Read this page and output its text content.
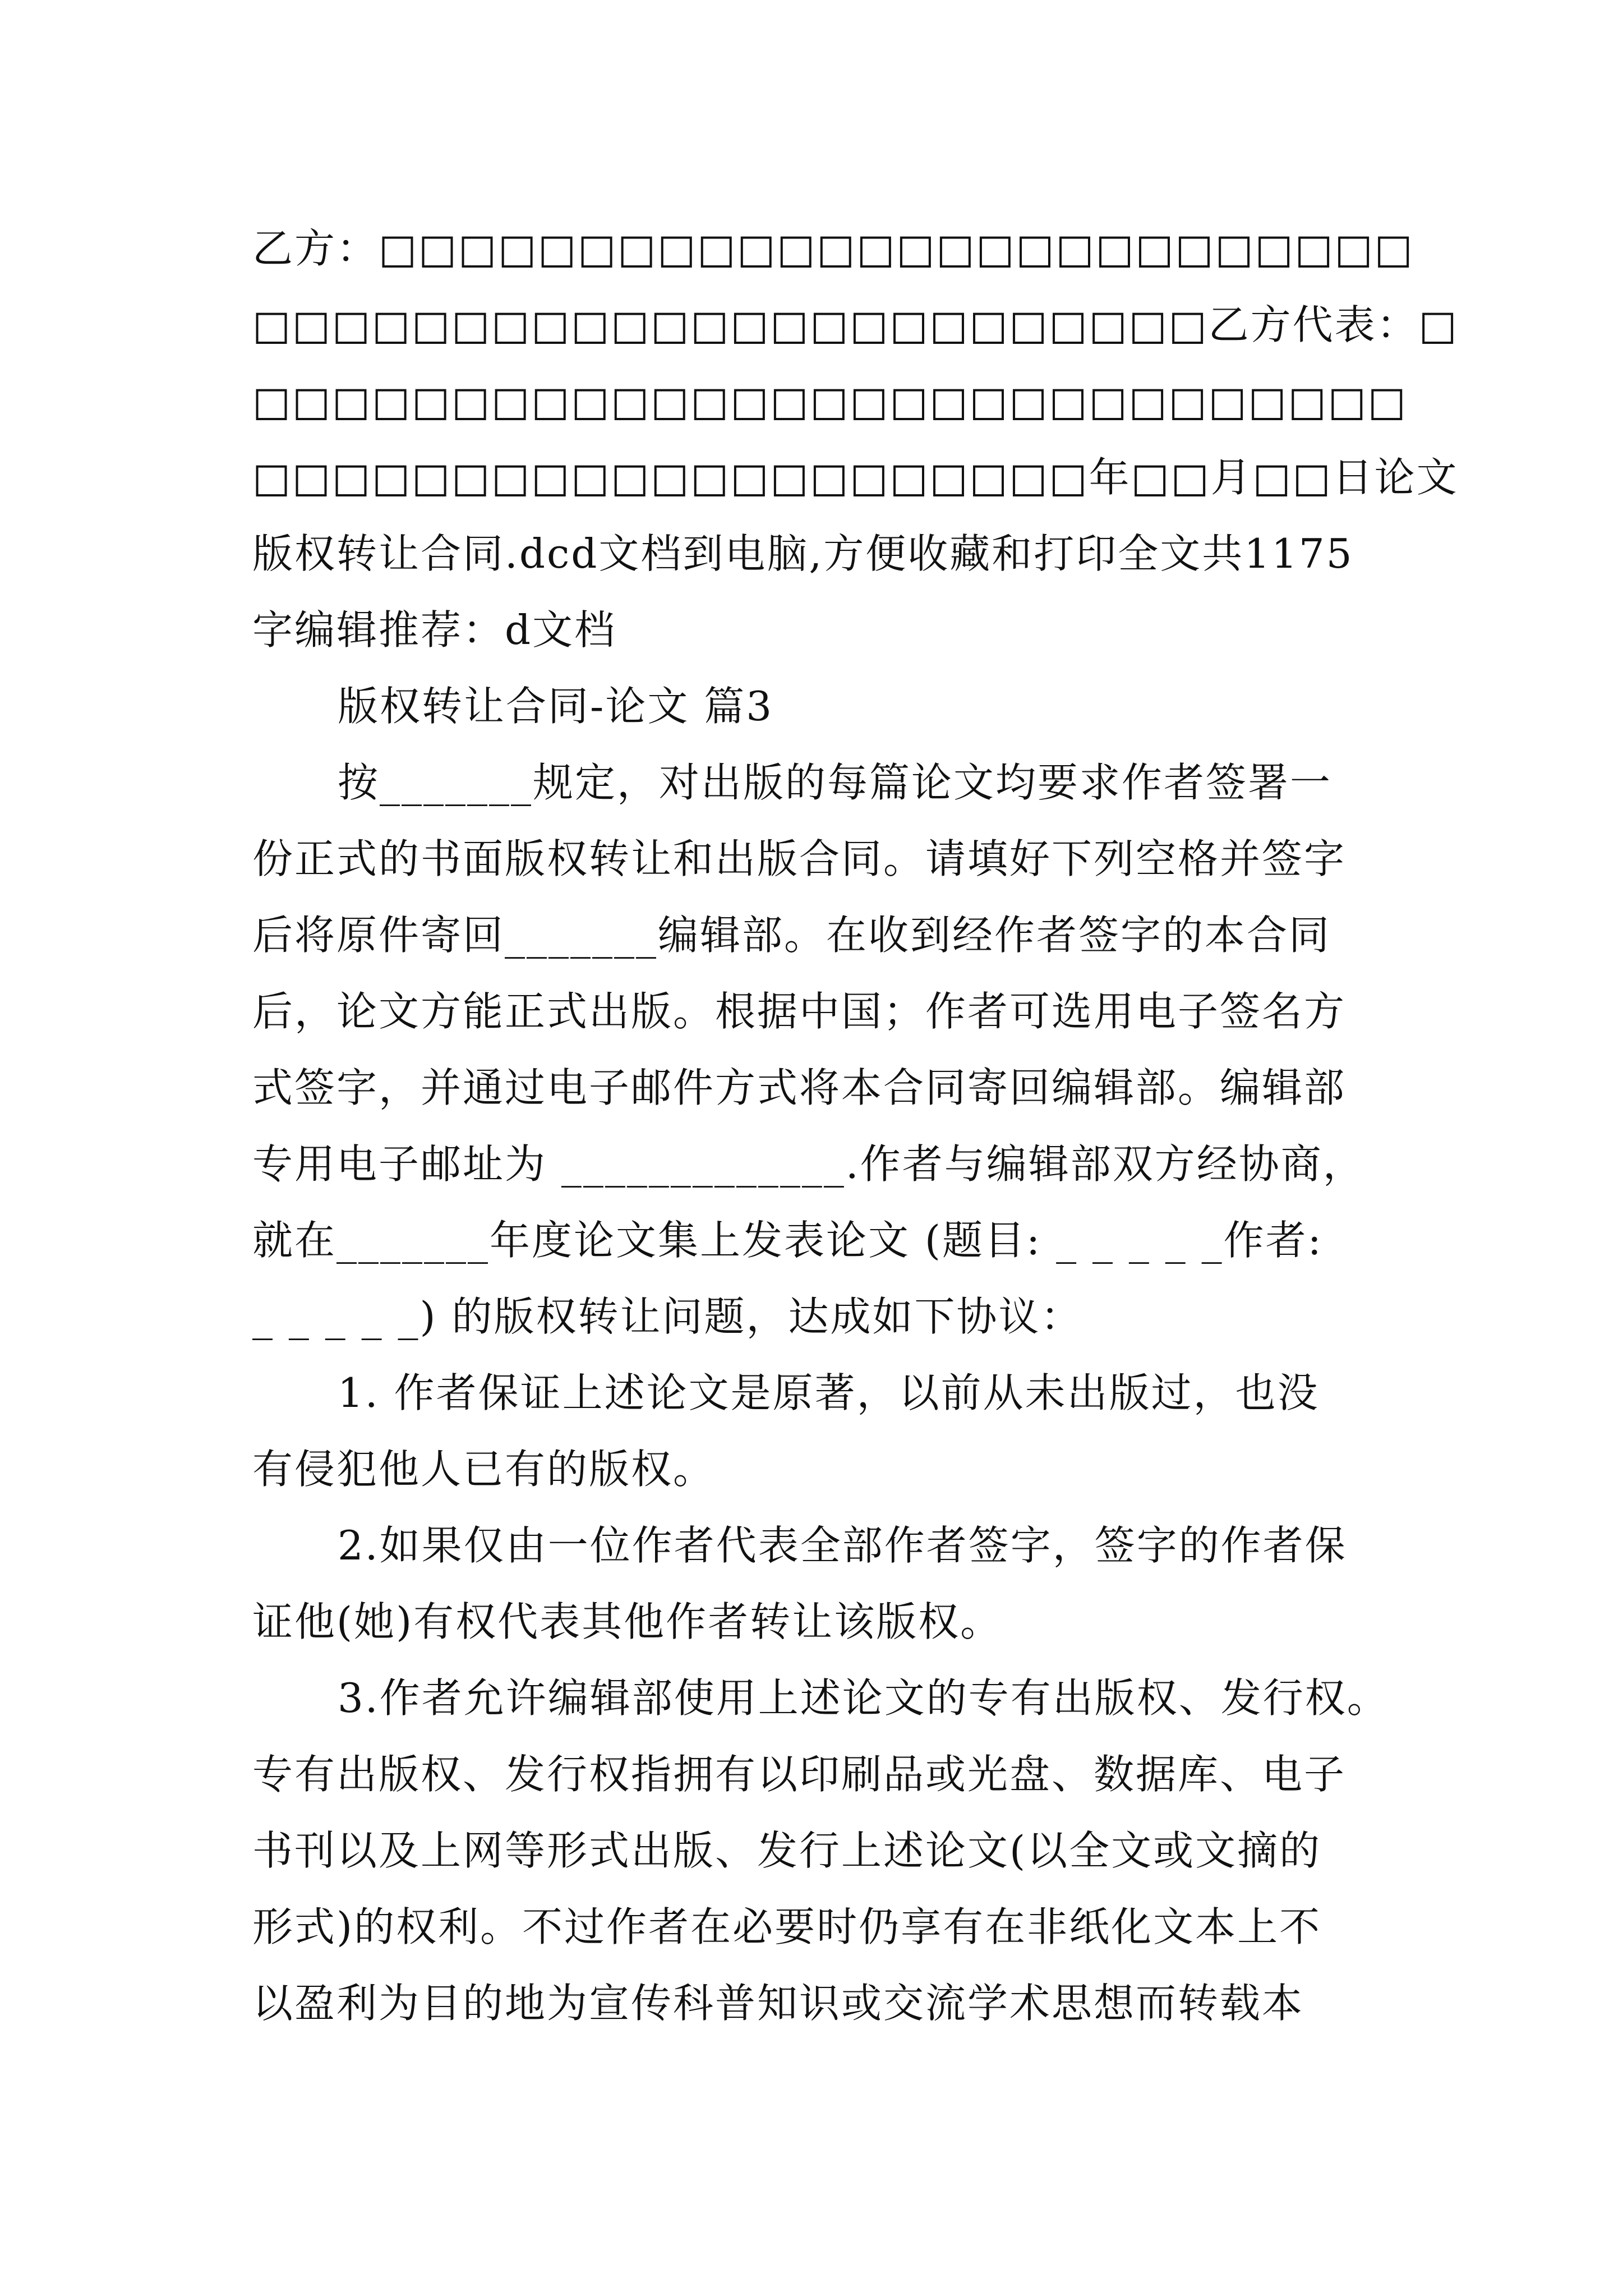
乙方：□□□□□□□□□□□□□□□□□□□□□□□□□□
□□□□□□□□□□□□□□□□□□□□□□□□乙方代表：□
□□□□□□□□□□□□□□□□□□□□□□□□□□□□□
□□□□□□□□□□□□□□□□□□□□□年□□月□□日论文
版权转让合同.dcd文档到电脑,方便收藏和打印全文共1175
字编辑推荐：d文档
版权转让合同-论文 篇3
按_______规定，对出版的每篇论文均要求作者签署一
份正式的书面版权转让和出版合同。请填好下列空格并签字
后将原件寄回_______编辑部。在收到经作者签字的本合同
后，论文方能正式出版。根据中国；作者可选用电子签名方
式签字，并通过电子邮件方式将本合同寄回编辑部。编辑部
专用电子邮址为 _____________.作者与编辑部双方经协商，
就在_______年度论文集上发表论文 (题目: _ _ _ _ _作者:
_ _ _ _ _) 的版权转让问题，达成如下协议：
1. 作者保证上述论文是原著，以前从未出版过，也没
有侵犯他人已有的版权。
2.如果仅由一位作者代表全部作者签字，签字的作者保
证他(她)有权代表其他作者转让该版权。
3.作者允许编辑部使用上述论文的专有出版权、发行权。
专有出版权、发行权指拥有以印刷品或光盘、数据库、电子
书刊以及上网等形式出版、发行上述论文(以全文或文摘的
形式)的权利。不过作者在必要时仍享有在非纸化文本上不
以盈利为目的地为宣传科普知识或交流学术思想而转载本
